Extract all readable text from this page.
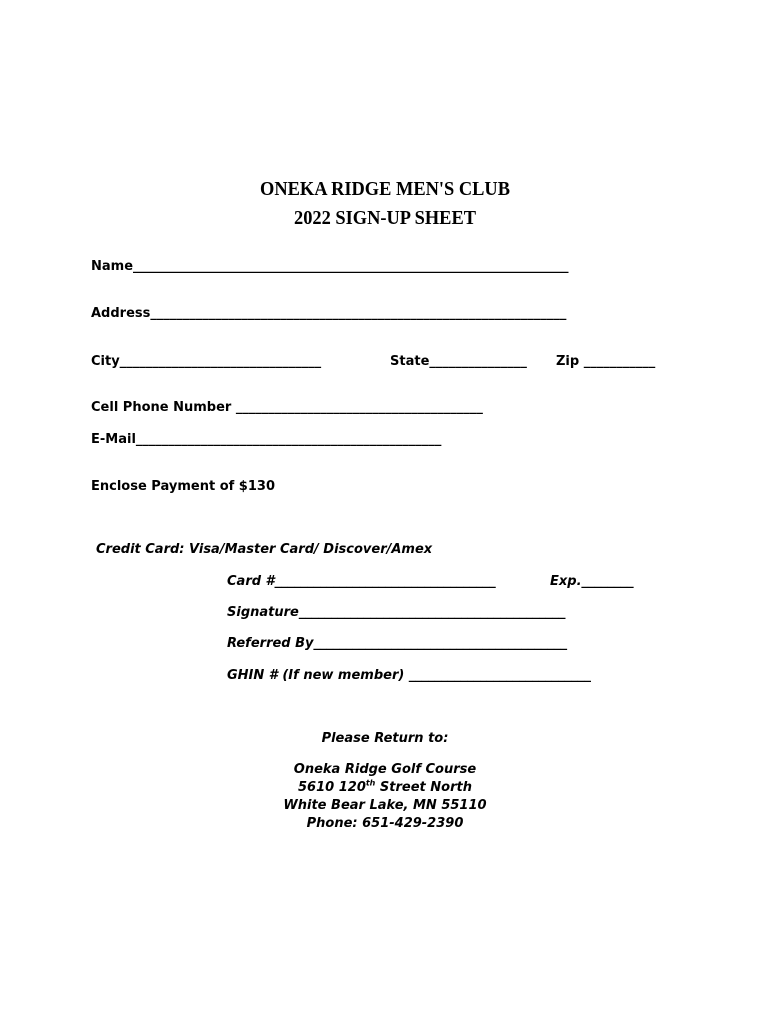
ONEKA RIDGE MEN'S CLUB
2022 SIGN-UP SHEET
Name___________________________________________________________________
Address________________________________________________________________
City_______________________________	State_______________ Zip ___________
Cell Phone Number ______________________________________
E-Mail_______________________________________________
Enclose Payment of $130
Credit Card: Visa/Master Card/ Discover/Amex
Card #__________________________________	Exp.________
Signature_________________________________________
Referred By_______________________________________
GHIN # (If new member) ____________________________
Please Return to:
Oneka Ridge Golf Course
5610 120th Street North
White Bear Lake, MN 55110
Phone: 651-429-2390
